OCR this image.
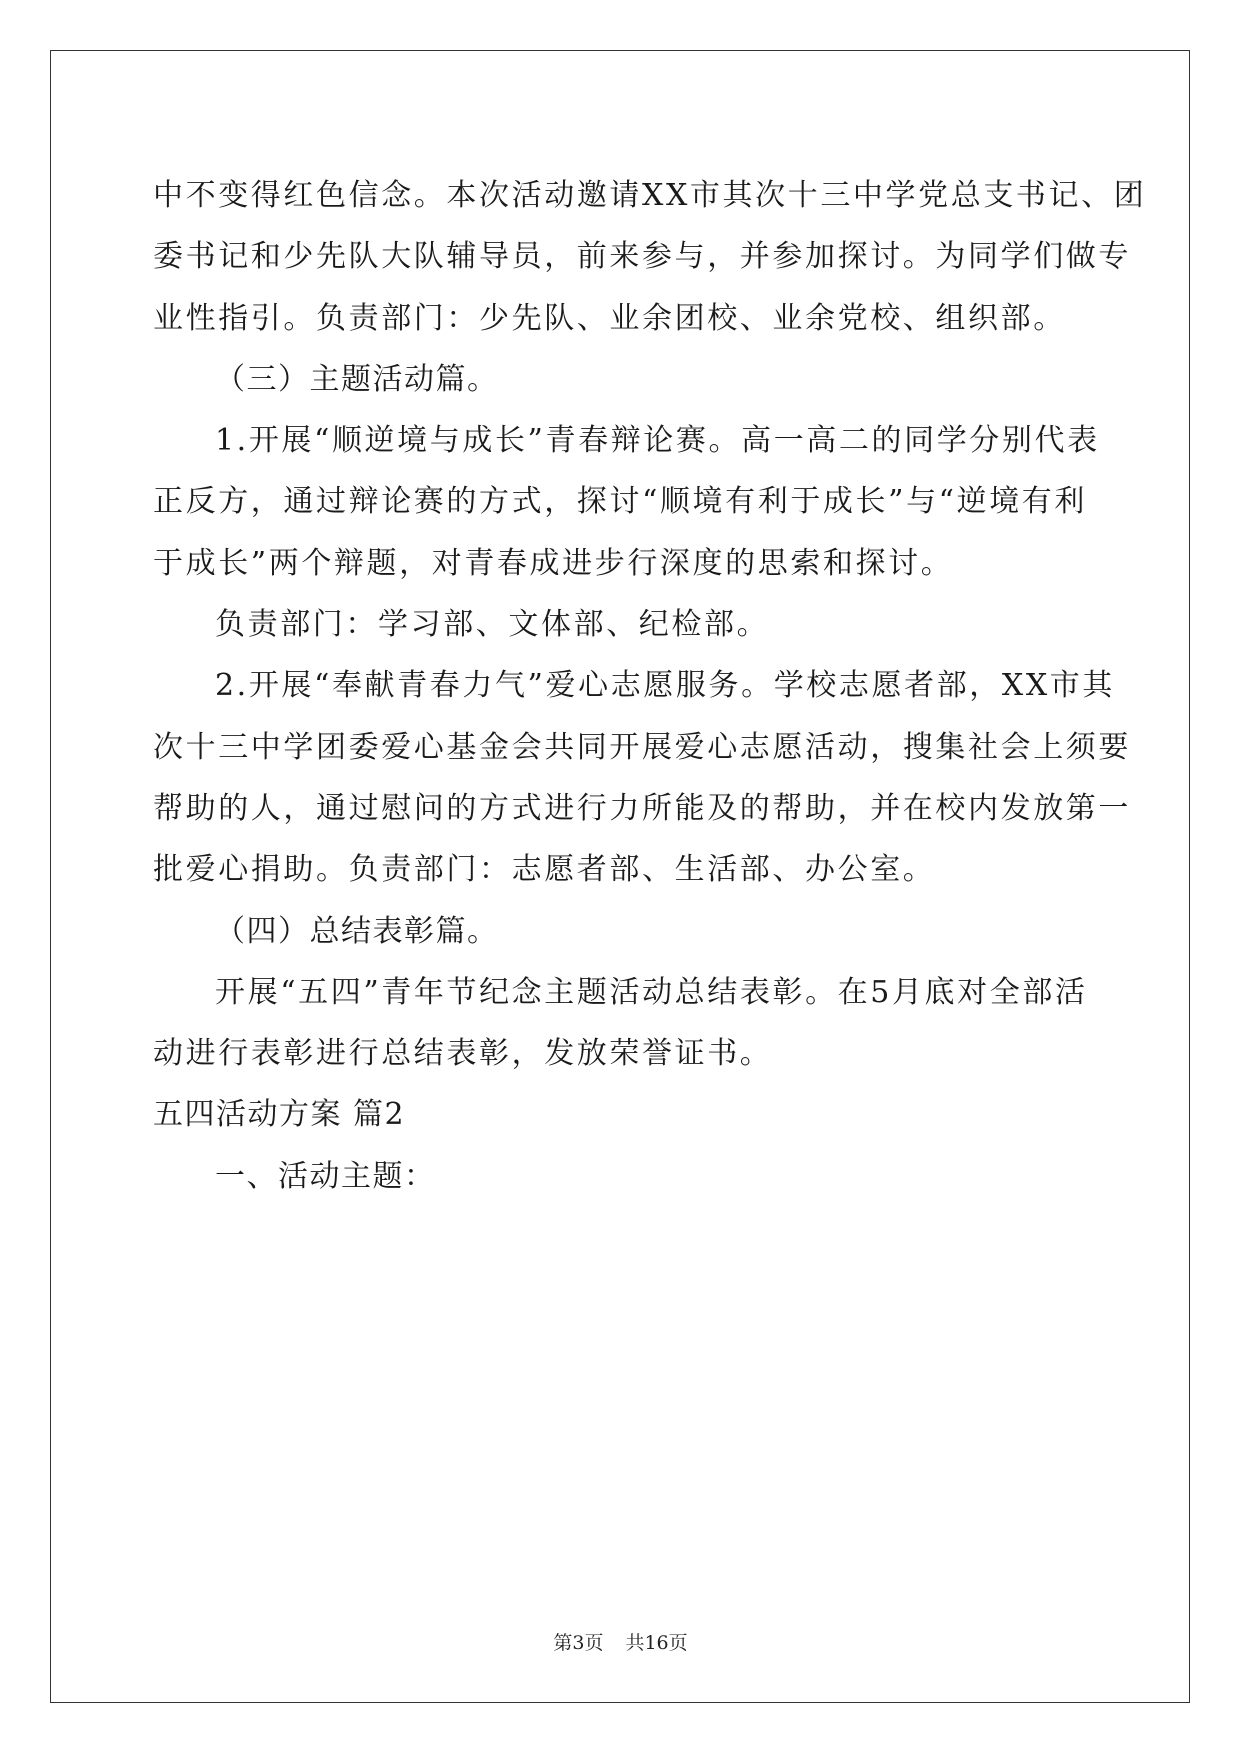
中不变得红色信念。本次活动邀请XX市其次十三中学党总支书记、团
委书记和少先队大队辅导员，前来参与，并参加探讨。为同学们做专
业性指引。负责部门：少先队、业余团校、业余党校、组织部。
（三）主题活动篇。
1.开展“顺逆境与成长”青春辩论赛。高一高二的同学分别代表
正反方，通过辩论赛的方式，探讨“顺境有利于成长”与“逆境有利
于成长”两个辩题，对青春成进步行深度的思索和探讨。
负责部门：学习部、文体部、纪检部。
2.开展“奉献青春力气”爱心志愿服务。学校志愿者部，XX市其
次十三中学团委爱心基金会共同开展爱心志愿活动，搜集社会上须要
帮助的人，通过慰问的方式进行力所能及的帮助，并在校内发放第一
批爱心捐助。负责部门：志愿者部、生活部、办公室。
（四）总结表彰篇。
开展“五四”青年节纪念主题活动总结表彰。在5月底对全部活
动进行表彰进行总结表彰，发放荣誉证书。
五四活动方案 篇2
一、活动主题：
第3页 共16页
